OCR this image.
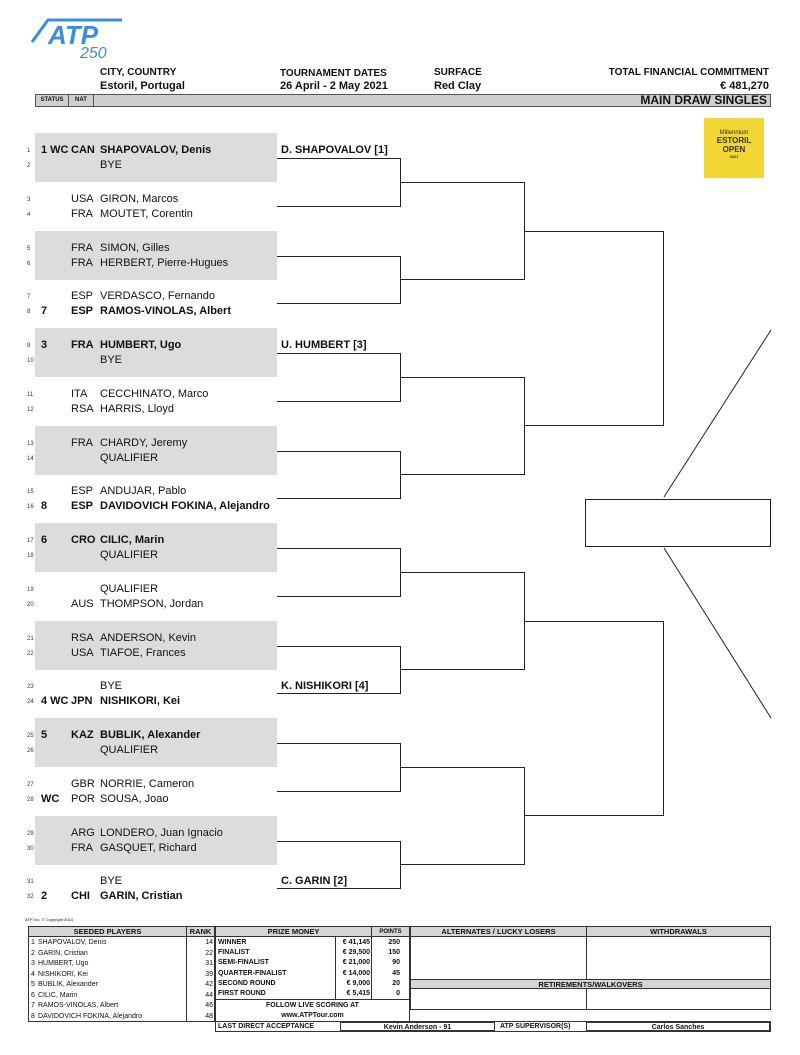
ATP
250
CITY, COUNTRY
Estoril, Portugal
TOURNAMENT DATES
26 April - 2 May 2021
SURFACE
Red Clay
TOTAL FINANCIAL COMMITMENT
€ 481,270
STATUS	NAT	MAIN DRAW SINGLES
Millennium
ESTORIL
OPEN
2021
1 1 WC CAN SHAPOVALOV, Denis
2	BYE
3	USA GIRON, Marcos
4	FRA MOUTET, Corentin
5	FRA SIMON, Gilles
6	FRA HERBERT, Pierre-Hugues
7	ESP VERDASCO, Fernando
8 7 ESP RAMOS-VINOLAS, Albert
9 3 FRA HUMBERT, Ugo
10	BYE
11	ITA CECCHINATO, Marco
12	RSA HARRIS, Lloyd
13	FRA CHARDY, Jeremy
14	QUALIFIER
15	ESP ANDUJAR, Pablo
16 8 ESP DAVIDOVICH FOKINA, Alejandro
17 6 CRO CILIC, Marin
18	QUALIFIER
19	QUALIFIER
20	AUS THOMPSON, Jordan
21	RSA ANDERSON, Kevin
22	USA TIAFOE, Frances
23	BYE
24 4 WC JPN NISHIKORI, Kei
25 5 KAZ BUBLIK, Alexander
26	QUALIFIER
27	GBR NORRIE, Cameron
28 WC POR SOUSA, Joao
29	ARG LONDERO, Juan Ignacio
30	FRA GASQUET, Richard
31	BYE
32 2 CHI GARIN, Cristian
D. SHAPOVALOV [1]
U. HUMBERT [3]
K. NISHIKORI [4]
C. GARIN [2]
ATP, Inc. © Copyright 2014
SEEDED PLAYERS	RANK
1 SHAPOVALOV, Denis	14
2 GARIN, Cristian	22
3 HUMBERT, Ugo	31
4 NISHIKORI, Kei	39
5 BUBLIK, Alexander	42
6 CILIC, Marin	44
7 RAMOS-VINOLAS, Albert	46
8 DAVIDOVICH FOKINA, Alejandro	48
PRIZE MONEY	POINTS
WINNER	€ 41,145	250
FINALIST	€ 29,500	150
SEMI-FINALIST	€ 21,000	90
QUARTER-FINALIST	€ 14,000	45
SECOND ROUND	€ 9,000	20
FIRST ROUND	€ 5,415	0
FOLLOW LIVE SCORING AT
www.ATPTour.com
ALTERNATES / LUCKY LOSERS	WITHDRAWALS
RETIREMENTS/WALKOVERS
LAST DIRECT ACCEPTANCE	Kevin Anderson - 91	ATP SUPERVISOR(S)	Carlos Sanches
